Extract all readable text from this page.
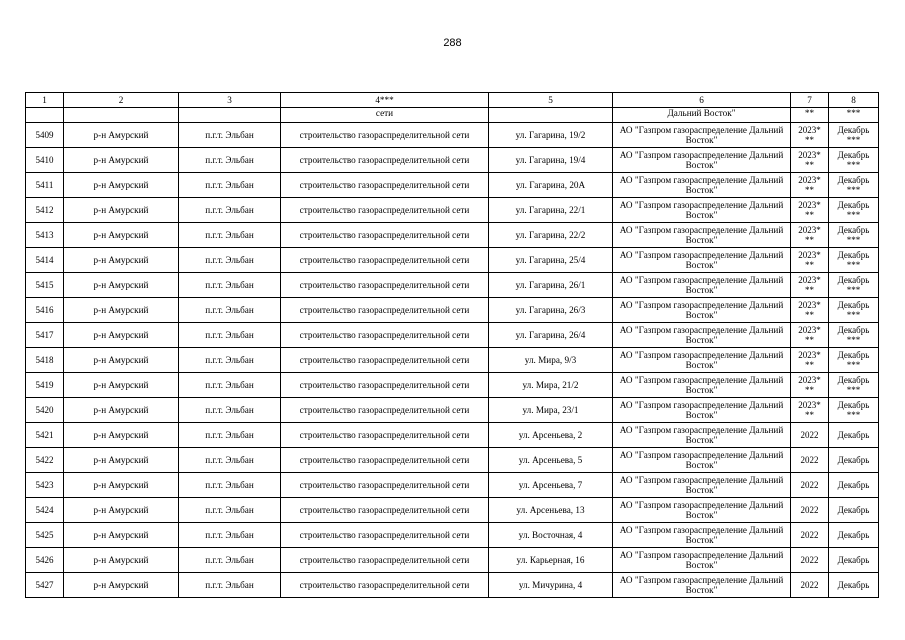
288
1	2	3	4***	5	6	7	8
			сети		Дальний Восток"	**	***
5409	р-н Амурский	п.г.т. Эльбан	строительство газораспределительной сети	ул. Гагарина, 19/2	АО "Газпром газораспределение Дальний Восток"	2023* **	Декабрь ***
5410	р-н Амурский	п.г.т. Эльбан	строительство газораспределительной сети	ул. Гагарина, 19/4	АО "Газпром газораспределение Дальний Восток"	2023* **	Декабрь ***
5411	р-н Амурский	п.г.т. Эльбан	строительство газораспределительной сети	ул. Гагарина, 20А	АО "Газпром газораспределение Дальний Восток"	2023* **	Декабрь ***
5412	р-н Амурский	п.г.т. Эльбан	строительство газораспределительной сети	ул. Гагарина, 22/1	АО "Газпром газораспределение Дальний Восток"	2023* **	Декабрь ***
5413	р-н Амурский	п.г.т. Эльбан	строительство газораспределительной сети	ул. Гагарина, 22/2	АО "Газпром газораспределение Дальний Восток"	2023* **	Декабрь ***
5414	р-н Амурский	п.г.т. Эльбан	строительство газораспределительной сети	ул. Гагарина, 25/4	АО "Газпром газораспределение Дальний Восток"	2023* **	Декабрь ***
5415	р-н Амурский	п.г.т. Эльбан	строительство газораспределительной сети	ул. Гагарина, 26/1	АО "Газпром газораспределение Дальний Восток"	2023* **	Декабрь ***
5416	р-н Амурский	п.г.т. Эльбан	строительство газораспределительной сети	ул. Гагарина, 26/3	АО "Газпром газораспределение Дальний Восток"	2023* **	Декабрь ***
5417	р-н Амурский	п.г.т. Эльбан	строительство газораспределительной сети	ул. Гагарина, 26/4	АО "Газпром газораспределение Дальний Восток"	2023* **	Декабрь ***
5418	р-н Амурский	п.г.т. Эльбан	строительство газораспределительной сети	ул. Мира, 9/3	АО "Газпром газораспределение Дальний Восток"	2023* **	Декабрь ***
5419	р-н Амурский	п.г.т. Эльбан	строительство газораспределительной сети	ул. Мира, 21/2	АО "Газпром газораспределение Дальний Восток"	2023* **	Декабрь ***
5420	р-н Амурский	п.г.т. Эльбан	строительство газораспределительной сети	ул. Мира, 23/1	АО "Газпром газораспределение Дальний Восток"	2023* **	Декабрь ***
5421	р-н Амурский	п.г.т. Эльбан	строительство газораспределительной сети	ул. Арсеньева, 2	АО "Газпром газораспределение Дальний Восток"	2022	Декабрь
5422	р-н Амурский	п.г.т. Эльбан	строительство газораспределительной сети	ул. Арсеньева, 5	АО "Газпром газораспределение Дальний Восток"	2022	Декабрь
5423	р-н Амурский	п.г.т. Эльбан	строительство газораспределительной сети	ул. Арсеньева, 7	АО "Газпром газораспределение Дальний Восток"	2022	Декабрь
5424	р-н Амурский	п.г.т. Эльбан	строительство газораспределительной сети	ул. Арсеньева, 13	АО "Газпром газораспределение Дальний Восток"	2022	Декабрь
5425	р-н Амурский	п.г.т. Эльбан	строительство газораспределительной сети	ул. Восточная, 4	АО "Газпром газораспределение Дальний Восток"	2022	Декабрь
5426	р-н Амурский	п.г.т. Эльбан	строительство газораспределительной сети	ул. Карьерная, 16	АО "Газпром газораспределение Дальний Восток"	2022	Декабрь
5427	р-н Амурский	п.г.т. Эльбан	строительство газораспределительной сети	ул. Мичурина, 4	АО "Газпром газораспределение Дальний Восток"	2022	Декабрь
